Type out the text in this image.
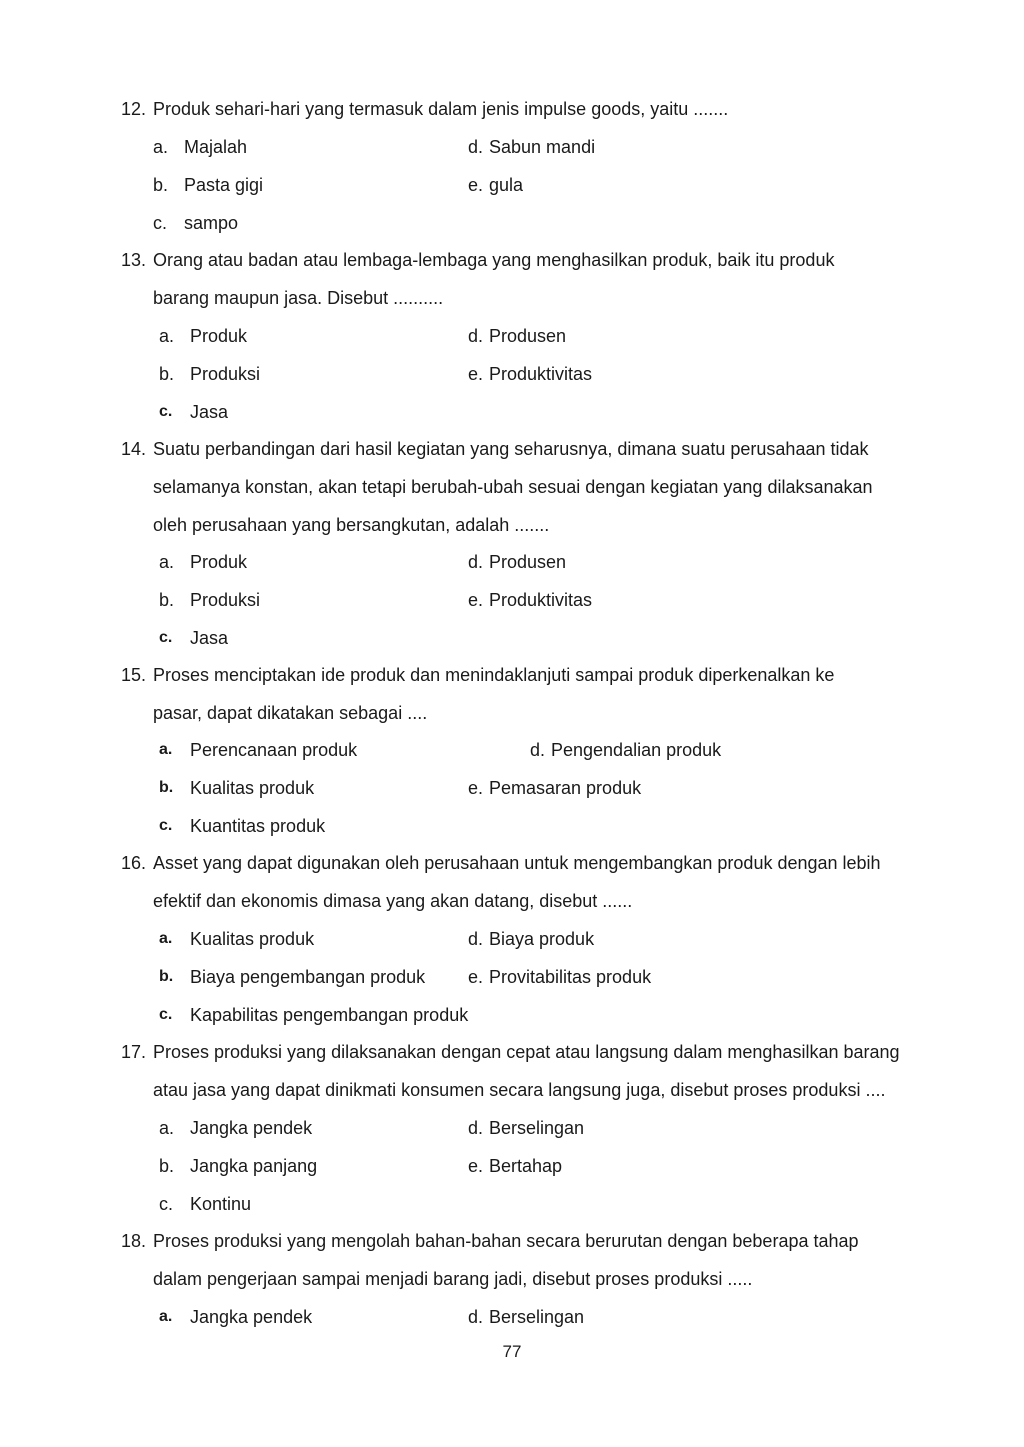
12. Produk sehari-hari yang termasuk dalam jenis impulse goods, yaitu .......
a. Majalah	d. Sabun mandi
b. Pasta gigi	e. gula
c. sampo
13. Orang atau badan atau lembaga-lembaga yang menghasilkan produk, baik itu produk
barang maupun jasa. Disebut ..........
a. Produk	d. Produsen
b. Produksi	e. Produktivitas
c. Jasa
14. Suatu perbandingan dari hasil kegiatan yang seharusnya, dimana suatu perusahaan tidak
selamanya konstan, akan tetapi berubah-ubah sesuai dengan kegiatan yang dilaksanakan
oleh perusahaan yang bersangkutan, adalah .......
a. Produk	d. Produsen
b. Produksi	e. Produktivitas
c. Jasa
15. Proses menciptakan ide produk dan menindaklanjuti sampai produk diperkenalkan ke
pasar, dapat dikatakan sebagai ....
a. Perencanaan produk	d. Pengendalian produk
b. Kualitas produk	e. Pemasaran produk
c. Kuantitas produk
16. Asset yang dapat digunakan oleh perusahaan untuk mengembangkan produk dengan lebih
efektif dan ekonomis dimasa yang akan datang, disebut ......
a. Kualitas produk	d. Biaya produk
b. Biaya pengembangan produk e. Provitabilitas produk
c. Kapabilitas pengembangan produk
17. Proses produksi yang dilaksanakan dengan cepat atau langsung dalam menghasilkan barang
atau jasa yang dapat dinikmati konsumen secara langsung juga, disebut proses produksi ....
a. Jangka pendek	d. Berselingan
b. Jangka panjang	e. Bertahap
c. Kontinu
18. Proses produksi yang mengolah bahan-bahan secara berurutan dengan beberapa tahap
dalam pengerjaan sampai menjadi barang jadi, disebut proses produksi .....
a. Jangka pendek	d. Berselingan
77
